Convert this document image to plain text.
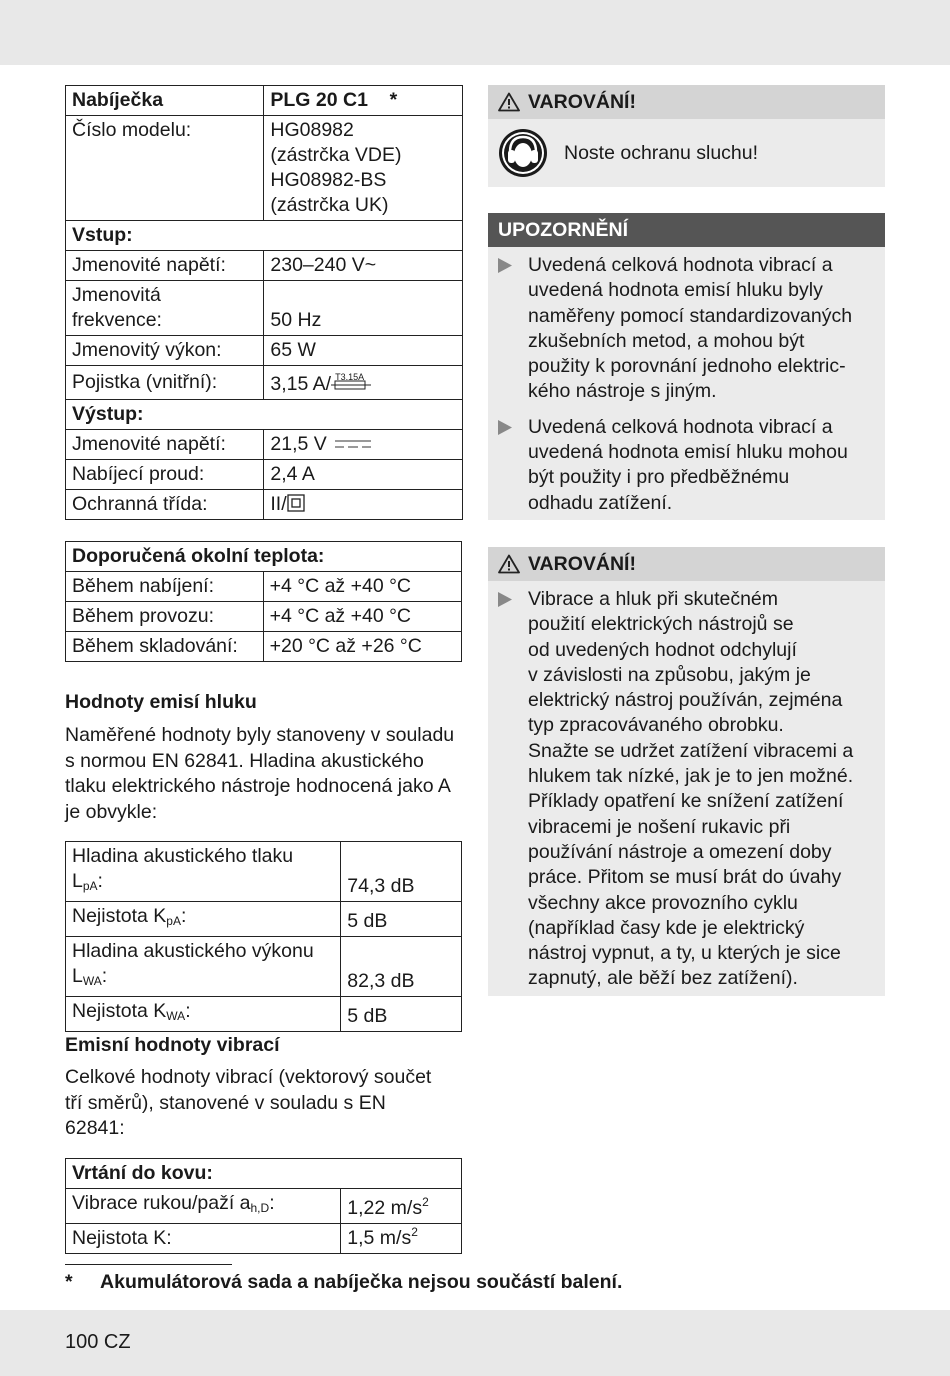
Nabíječka	PLG 20 C1    *
Číslo modelu:	HG08982
(zástrčka VDE)
HG08982-BS
(zástrčka UK)

Vstup:	
Jmenovité napětí:	230–240 V~

Jmenovitá
frekvence:	50 Hz
Jmenovitý výkon:	65 W
Pojistka (vnitřní):	3,15 A/ T3.15A

Výstup:	
Jmenovité napětí:	21,5 V
Nabíjecí proud:	2,4 A
Ochranná třída:	II/
Doporučená okolní teplota:	
Během nabíjení:	+4 °C až +40 °C
Během provozu:	+4 °C až +40 °C
Během skladování:	+20 °C až +26 °C
Hodnoty emisí hluku
Naměřené hodnoty byly stanoveny v souladu s normou EN 62841. Hladina akustického tlaku elektrického nástroje hodnocená jako A je obvykle:
Hladina akustického tlaku
$L_{pA}$:	74,3 dB
Nejistota $K_{pA}$:	5 dB

Hladina akustického výkonu
$L_{WA}$:	82,3 dB
Nejistota $K_{WA}$:	5 dB
Emisní hodnoty vibrací
Celkové hodnoty vibrací (vektorový součet tří směrů), stanovené v souladu s EN 62841:
Vrtání do kovu:	
Vibrace rukou/paží $a_{h,D}$:	1,22 $m/s^2$
Nejistota K:	1,5 $m/s^2$
VAROVÁNÍ!
Noste ochranu sluchu!
UPOZORNĚNÍ
Uvedená celková hodnota vibrací a
uvedená hodnota emisí hluku byly
naměřeny pomocí standardizovaných
zkušebních metod, a mohou být
použity k porovnání jednoho elektric-
kého nástroje s jiným.
Uvedená celková hodnota vibrací a
uvedená hodnota emisí hluku mohou
být použity i pro předběžnému
odhadu zatížení.
VAROVÁNÍ!
Vibrace a hluk při skutečném
použití elektrických nástrojů se
od uvedených hodnot odchylují
v závislosti na způsobu, jakým je
elektrický nástroj používán, zejména
typ zpracovávaného obrobku.
Snažte se udržet zatížení vibracemi a
hlukem tak nízké, jak je to jen možné.
Příklady opatření ke snížení zatížení
vibracemi je nošení rukavic při
používání nástroje a omezení doby
práce. Přitom se musí brát do úvahy
všechny akce provozního cyklu
(například časy kde je elektrický
nástroj vypnut, a ty, u kterých je sice
zapnutý, ale běží bez zatížení).
* Akumulátorová sada a nabíječka nejsou součástí balení.
100 CZ
